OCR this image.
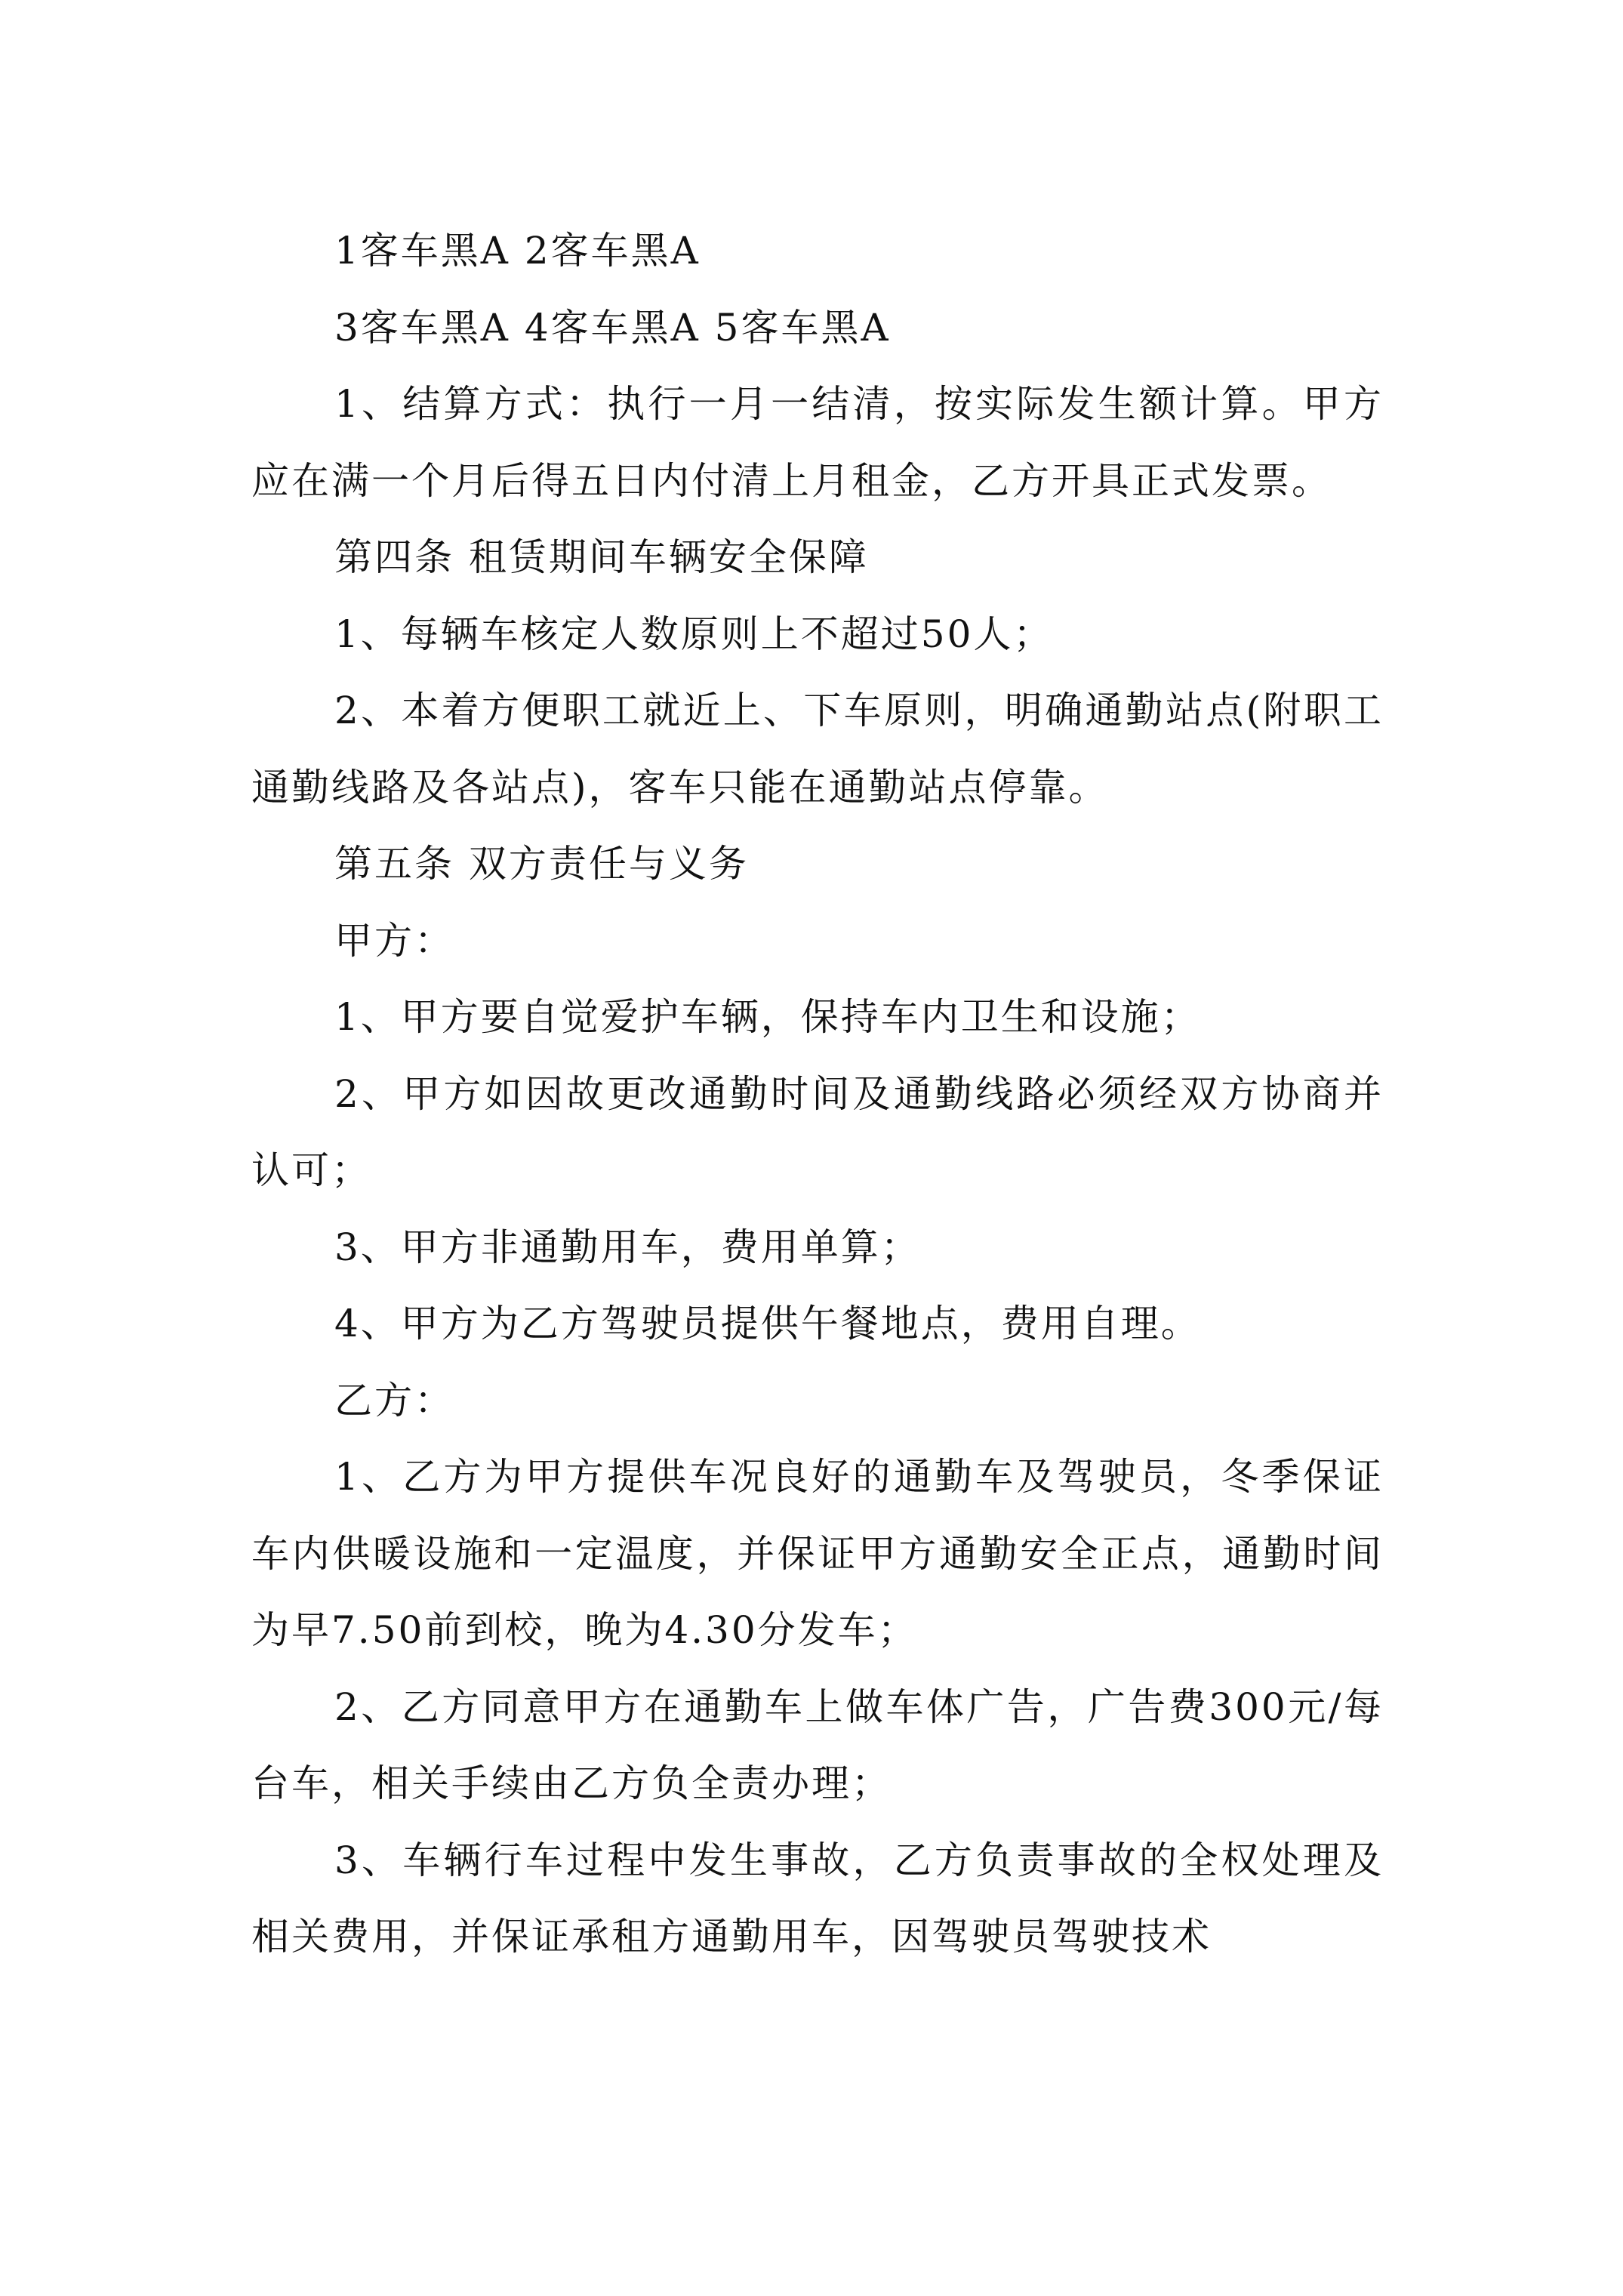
1客车黑A 2客车黑A

3客车黑A 4客车黑A 5客车黑A

1、结算方式：执行一月一结清，按实际发生额计算。甲方应在满一个月后得五日内付清上月租金，乙方开具正式发票。

第四条 租赁期间车辆安全保障

1、每辆车核定人数原则上不超过50人；

2、本着方便职工就近上、下车原则，明确通勤站点(附职工通勤线路及各站点)，客车只能在通勤站点停靠。

第五条 双方责任与义务

甲方：

1、甲方要自觉爱护车辆，保持车内卫生和设施；

2、甲方如因故更改通勤时间及通勤线路必须经双方协商并认可；

3、甲方非通勤用车，费用单算；

4、甲方为乙方驾驶员提供午餐地点，费用自理。

乙方：

1、乙方为甲方提供车况良好的通勤车及驾驶员，冬季保证车内供暖设施和一定温度，并保证甲方通勤安全正点，通勤时间为早7.50前到校，晚为4.30分发车；

2、乙方同意甲方在通勤车上做车体广告，广告费300元/每台车，相关手续由乙方负全责办理；

3、车辆行车过程中发生事故，乙方负责事故的全权处理及相关费用，并保证承租方通勤用车，因驾驶员驾驶技术
